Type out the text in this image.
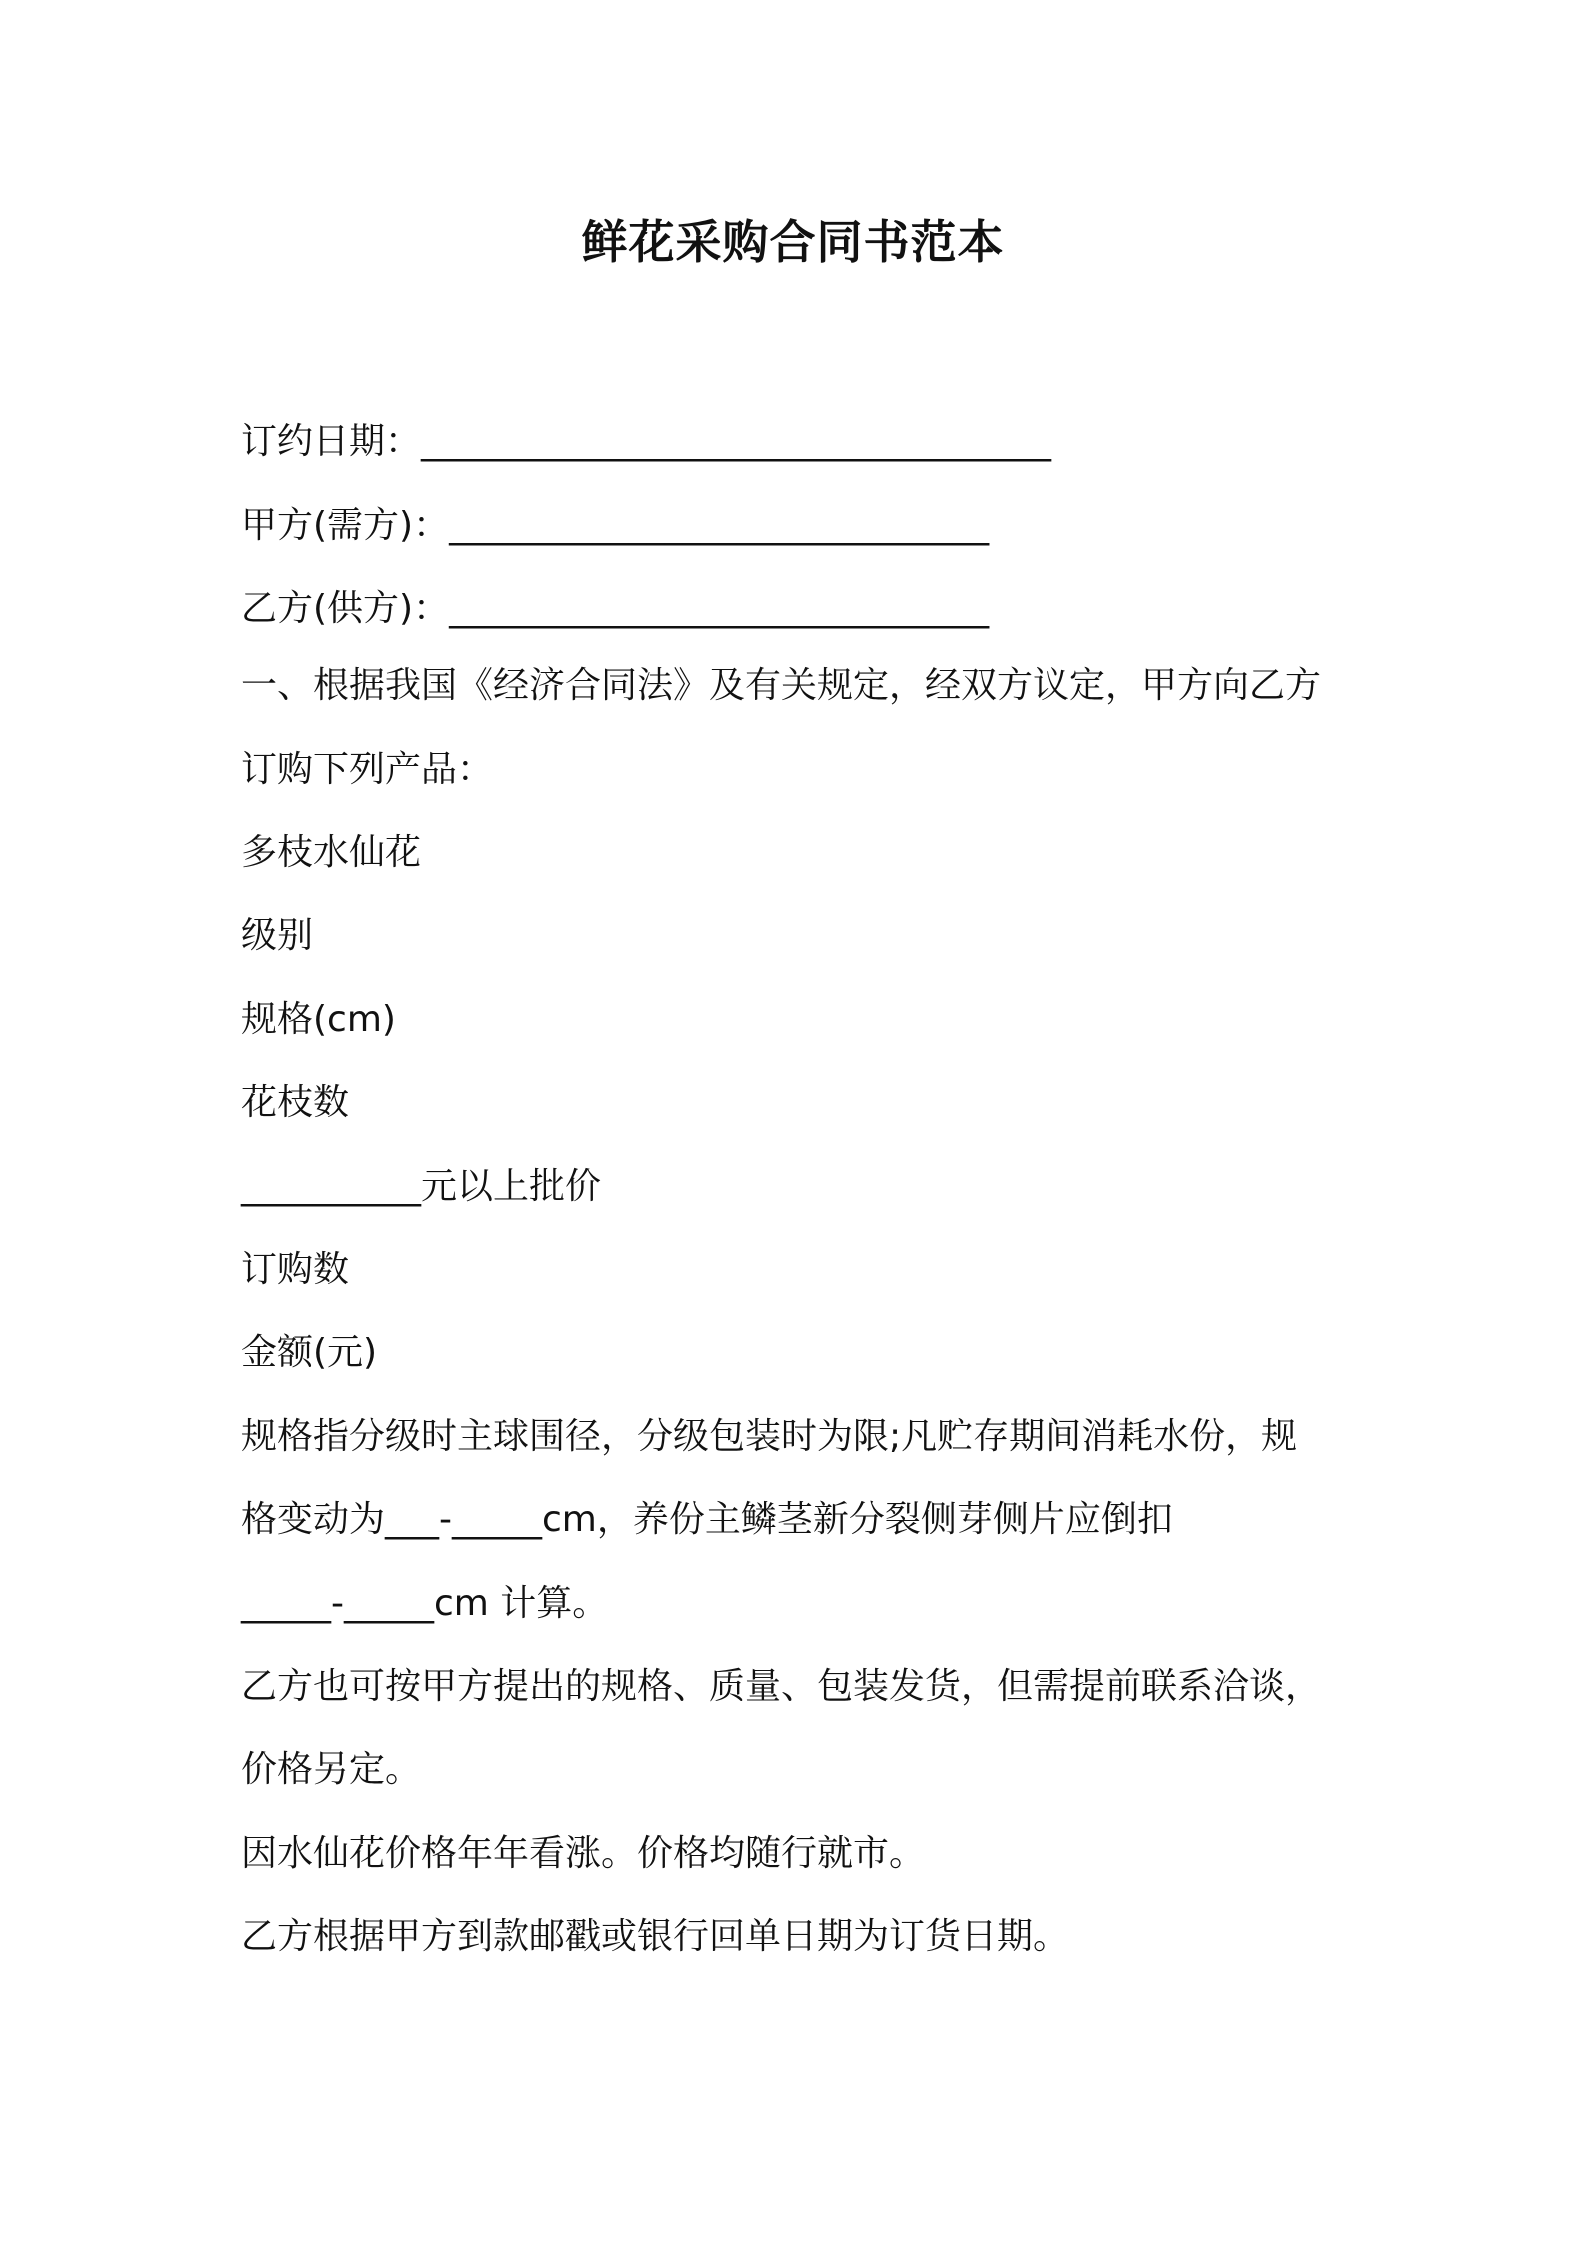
鲜花采购合同书范本
订约日期：___________________________________
甲方(需方)：______________________________
乙方(供方)：______________________________
一、根据我国《经济合同法》及有关规定，经双方议定，甲方向乙方
订购下列产品：
多枝水仙花
级别
规格(cm)
花枝数
__________元以上批价
订购数
金额(元)
规格指分级时主球围径，分级包装时为限;凡贮存期间消耗水份，规
格变动为___-_____cm，养份主鳞茎新分裂侧芽侧片应倒扣
_____-_____cm 计算。
乙方也可按甲方提出的规格、质量、包装发货，但需提前联系洽谈，
价格另定。
因水仙花价格年年看涨。价格均随行就市。
乙方根据甲方到款邮戳或银行回单日期为订货日期。
